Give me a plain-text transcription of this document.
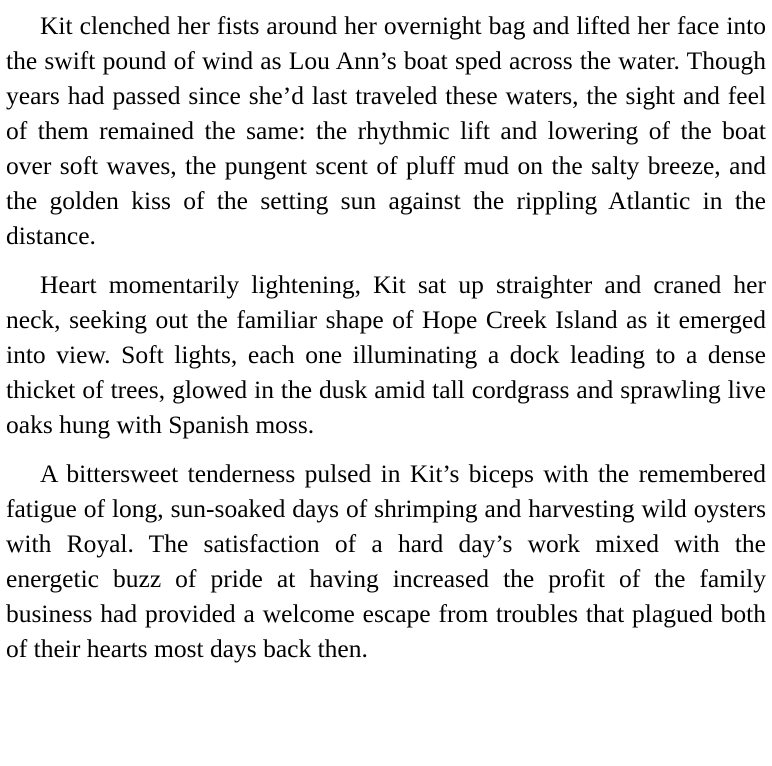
Kit clenched her fists around her overnight bag and lifted her face into the swift pound of wind as Lou Ann’s boat sped across the water. Though years had passed since she’d last traveled these waters, the sight and feel of them remained the same: the rhythmic lift and lowering of the boat over soft waves, the pungent scent of pluff mud on the salty breeze, and the golden kiss of the setting sun against the rippling Atlantic in the distance.

Heart momentarily lightening, Kit sat up straighter and craned her neck, seeking out the familiar shape of Hope Creek Island as it emerged into view. Soft lights, each one illuminating a dock leading to a dense thicket of trees, glowed in the dusk amid tall cordgrass and sprawling live oaks hung with Spanish moss.

A bittersweet tenderness pulsed in Kit’s biceps with the remembered fatigue of long, sun-soaked days of shrimping and harvesting wild oysters with Royal. The satisfaction of a hard day’s work mixed with the energetic buzz of pride at having increased the profit of the family business had provided a welcome escape from troubles that plagued both of their hearts most days back then.
